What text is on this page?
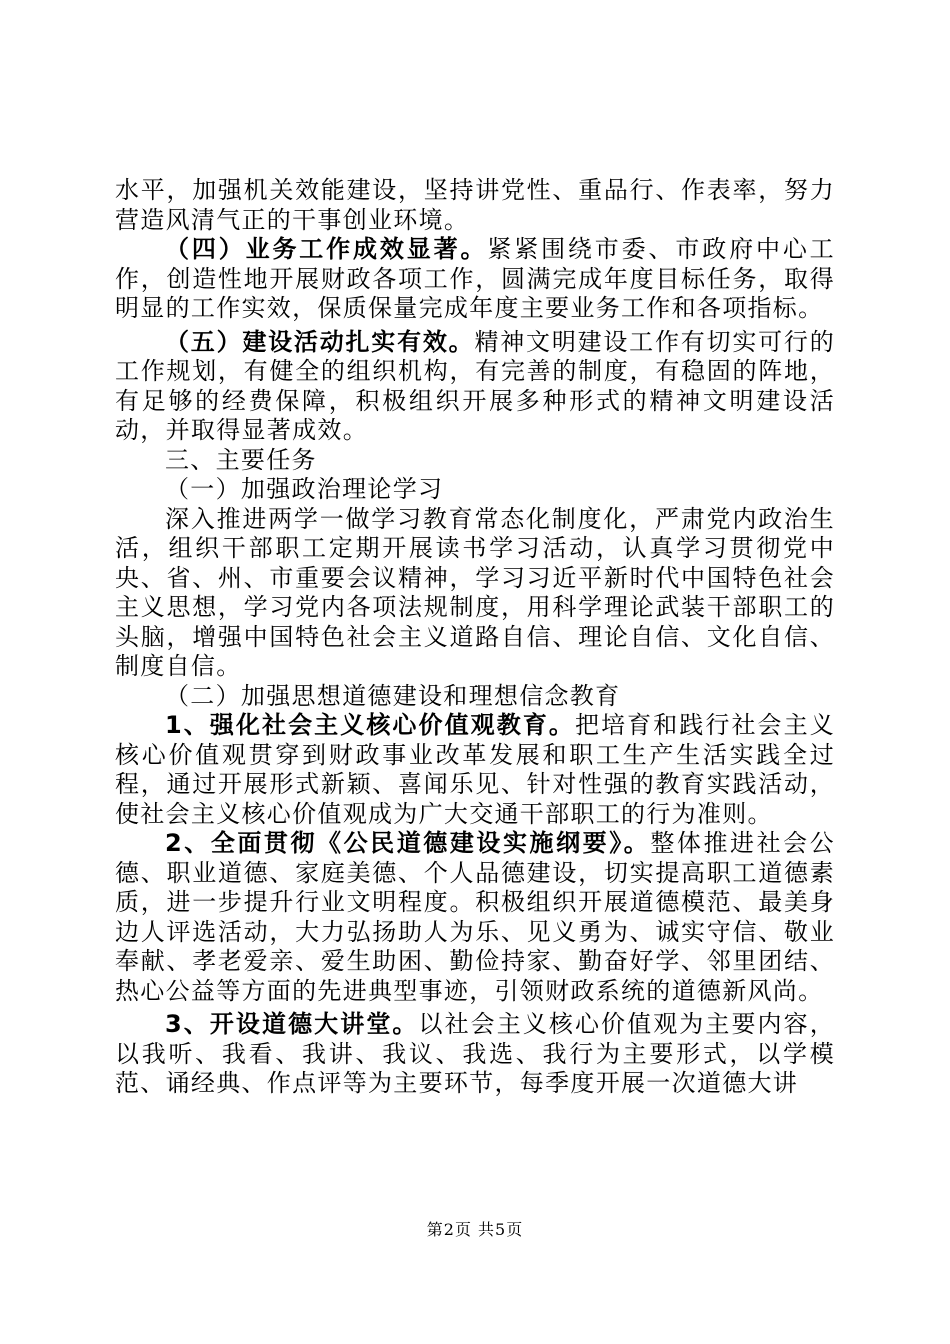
水平，加强机关效能建设，坚持讲党性、重品行、作表率，努力营造风清气正的干事创业环境。

（四）业务工作成效显著。紧紧围绕市委、市政府中心工作，创造性地开展财政各项工作，圆满完成年度目标任务，取得明显的工作实效，保质保量完成年度主要业务工作和各项指标。

（五）建设活动扎实有效。精神文明建设工作有切实可行的工作规划，有健全的组织机构，有完善的制度，有稳固的阵地，有足够的经费保障，积极组织开展多种形式的精神文明建设活动，并取得显著成效。

三、主要任务

（一）加强政治理论学习

深入推进两学一做学习教育常态化制度化，严肃党内政治生活，组织干部职工定期开展读书学习活动，认真学习贯彻党中央、省、州、市重要会议精神，学习习近平新时代中国特色社会主义思想，学习党内各项法规制度，用科学理论武装干部职工的头脑，增强中国特色社会主义道路自信、理论自信、文化自信、制度自信。

（二）加强思想道德建设和理想信念教育

1、强化社会主义核心价值观教育。把培育和践行社会主义核心价值观贯穿到财政事业改革发展和职工生产生活实践全过程，通过开展形式新颖、喜闻乐见、针对性强的教育实践活动，使社会主义核心价值观成为广大交通干部职工的行为准则。

2、全面贯彻《公民道德建设实施纲要》。整体推进社会公德、职业道德、家庭美德、个人品德建设，切实提高职工道德素质，进一步提升行业文明程度。积极组织开展道德模范、最美身边人评选活动，大力弘扬助人为乐、见义勇为、诚实守信、敬业奉献、孝老爱亲、爱生助困、勤俭持家、勤奋好学、邻里团结、热心公益等方面的先进典型事迹，引领财政系统的道德新风尚。

3、开设道德大讲堂。以社会主义核心价值观为主要内容，以我听、我看、我讲、我议、我选、我行为主要形式，以学模范、诵经典、作点评等为主要环节，每季度开展一次道德大讲

第2页 共5页
